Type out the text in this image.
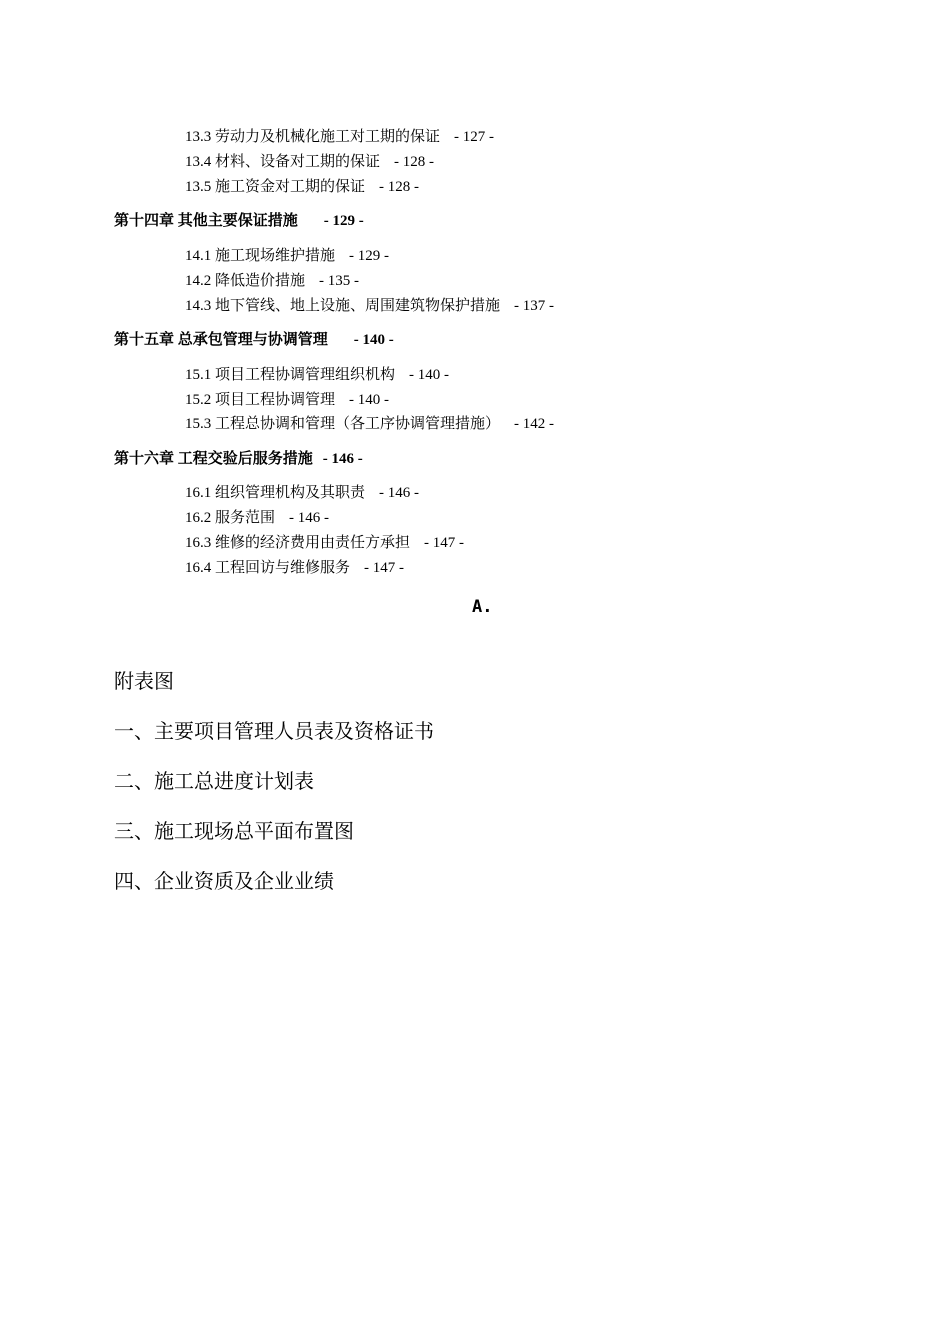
13.3 劳动力及机械化施工对工期的保证 - 127 -
13.4 材料、设备对工期的保证 - 128 -
13.5 施工资金对工期的保证 - 128 -
第十四章 其他主要保证措施 - 129 -
14.1 施工现场维护措施 - 129 -
14.2 降低造价措施 - 135 -
14.3 地下管线、地上设施、周围建筑物保护措施 - 137 -
第十五章 总承包管理与协调管理 - 140 -
15.1 项目工程协调管理组织机构 - 140 -
15.2 项目工程协调管理 - 140 -
15.3 工程总协调和管理（各工序协调管理措施） - 142 -
第十六章 工程交验后服务措施 - 146 -
16.1 组织管理机构及其职责 - 146 -
16.2 服务范围 - 146 -
16.3 维修的经济费用由责任方承担 - 147 -
16.4 工程回访与维修服务 - 147 -
A.
附表图
一、主要项目管理人员表及资格证书
二、施工总进度计划表
三、施工现场总平面布置图
四、企业资质及企业业绩
